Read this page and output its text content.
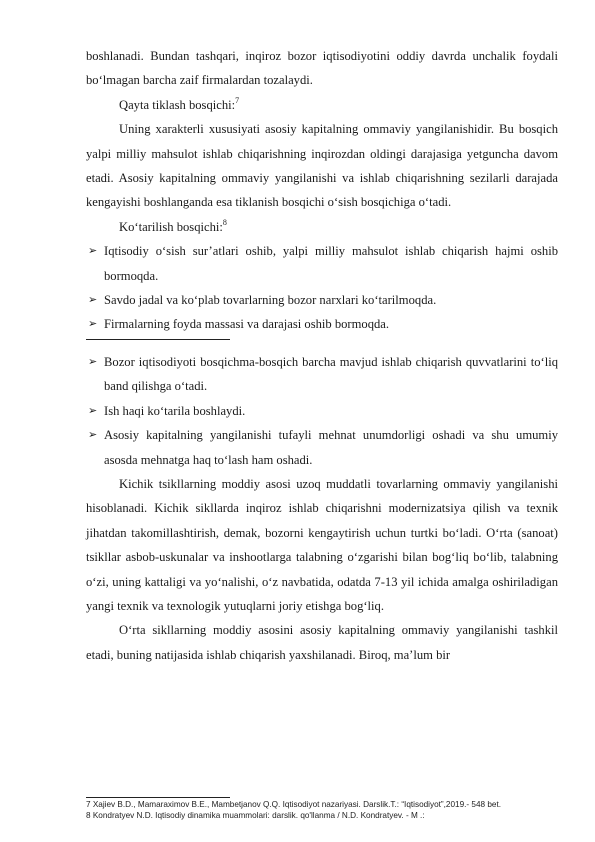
boshlanadi. Bundan tashqari, inqiroz bozor iqtisodiyotini oddiy davrda unchalik foydali bo‘lmagan barcha zaif firmalardan tozalaydi.

Qayta tiklash bosqichi:$^7$

Uning xarakterli xususiyati asosiy kapitalning ommaviy yangilanishidir. Bu bosqich yalpi milliy mahsulot ishlab chiqarishning inqirozdan oldingi darajasiga yetguncha davom etadi. Asosiy kapitalning ommaviy yangilanishi va ishlab chiqarishning sezilarli darajada kengayishi boshlanganda esa tiklanish bosqichi o‘sish bosqichiga o‘tadi.

Ko‘tarilish bosqichi:$^8$

➢ Iqtisodiy o‘sish sur’atlari oshib, yalpi milliy mahsulot ishlab chiqarish hajmi oshib bormoqda.
➢ Savdo jadal va ko‘plab tovarlarning bozor narxlari ko‘tarilmoqda.
➢ Firmalarning foyda massasi va darajasi oshib bormoqda.
➢ Bozor iqtisodiyoti bosqichma-bosqich barcha mavjud ishlab chiqarish quvvatlarini to‘liq band qilishga o‘tadi.
➢ Ish haqi ko‘tarila boshlaydi.
➢ Asosiy kapitalning yangilanishi tufayli mehnat unumdorligi oshadi va shu umumiy asosda mehnatga haq to‘lash ham oshadi.

Kichik tsikllarning moddiy asosi uzoq muddatli tovarlarning ommaviy yangilanishi hisoblanadi. Kichik sikllarda inqiroz ishlab chiqarishni modernizatsiya qilish va texnik jihatdan takomillashtirish, demak, bozorni kengaytirish uchun turtki bo‘ladi. O‘rta (sanoat) tsikllar asbob-uskunalar va inshootlarga talabning o‘zgarishi bilan bog‘liq bo‘lib, talabning o‘zi, uning kattaligi va yo‘nalishi, o‘z navbatida, odatda 7-13 yil ichida amalga oshiriladigan yangi texnik va texnologik yutuqlarni joriy etishga bog‘liq.

O‘rta sikllarning moddiy asosini asosiy kapitalning ommaviy yangilanishi tashkil etadi, buning natijasida ishlab chiqarish yaxshilanadi. Biroq, ma’lum bir

7 Xajiev B.D., Mamaraximov B.E., Mambetjanov Q.Q. Iqtisodiyot nazariyasi. Darslik.T.: “Iqtisodiyot”,2019.- 548 bet.

8 Kondratyev N.D. Iqtisodiy dinamika muammolari: darslik. qo'llanma / N.D. Kondratyev. - M .:
